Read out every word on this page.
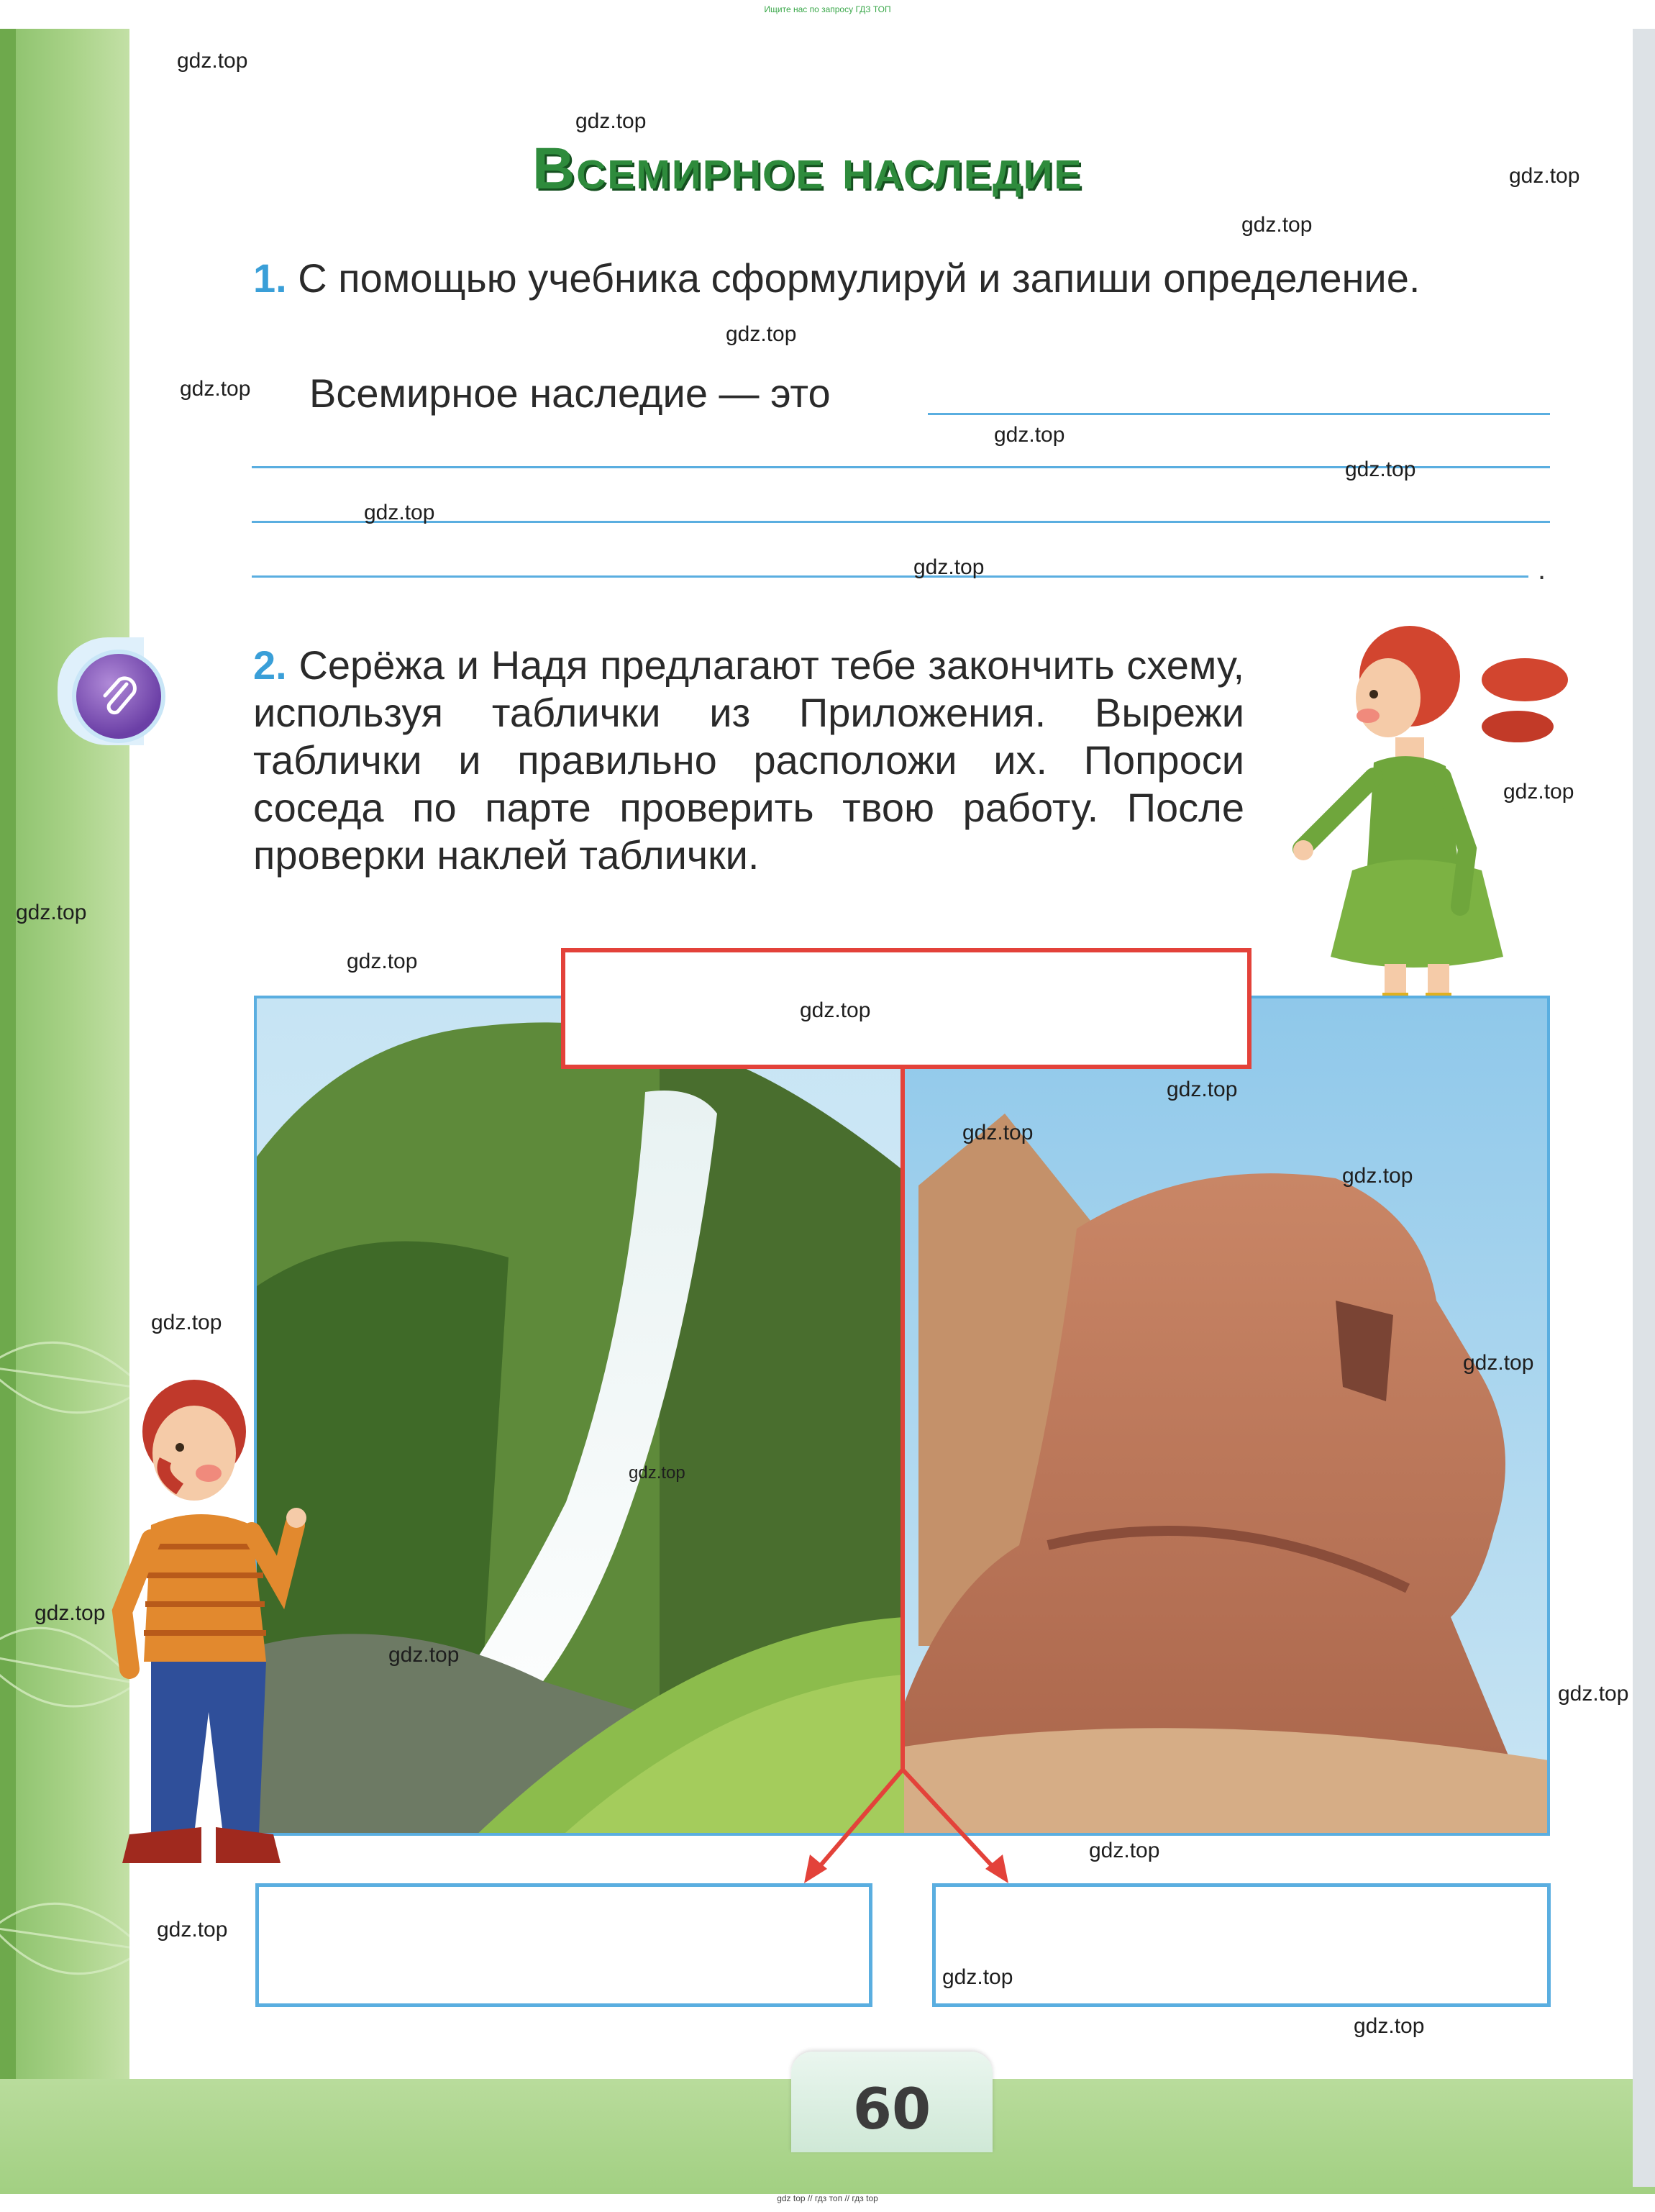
Ищите нас по запросу ГДЗ ТОП
Всемирное наследие
1. С помощью учебника сформулируй и запиши определение.
Всемирное наследие — это
.
2. Серёжа и Надя предлагают тебе закончить схему, используя таблички из Приложения. Вырежи таблички и правильно расположи их. Попроси соседа по парте проверить твою работу. После проверки наклей таблички.
60
gdz top // гдз топ // гдз top
gdz.top
gdz.top
gdz.top
gdz.top
gdz.top
gdz.top
gdz.top
gdz.top
gdz.top
gdz.top
gdz.top
gdz.top
gdz.top
gdz.top
gdz.top
gdz.top
gdz.top
gdz.top
gdz.top
gdz.top
gdz.top
gdz.top
gdz.top
gdz.top
gdz.top
gdz.top
gdz.top
